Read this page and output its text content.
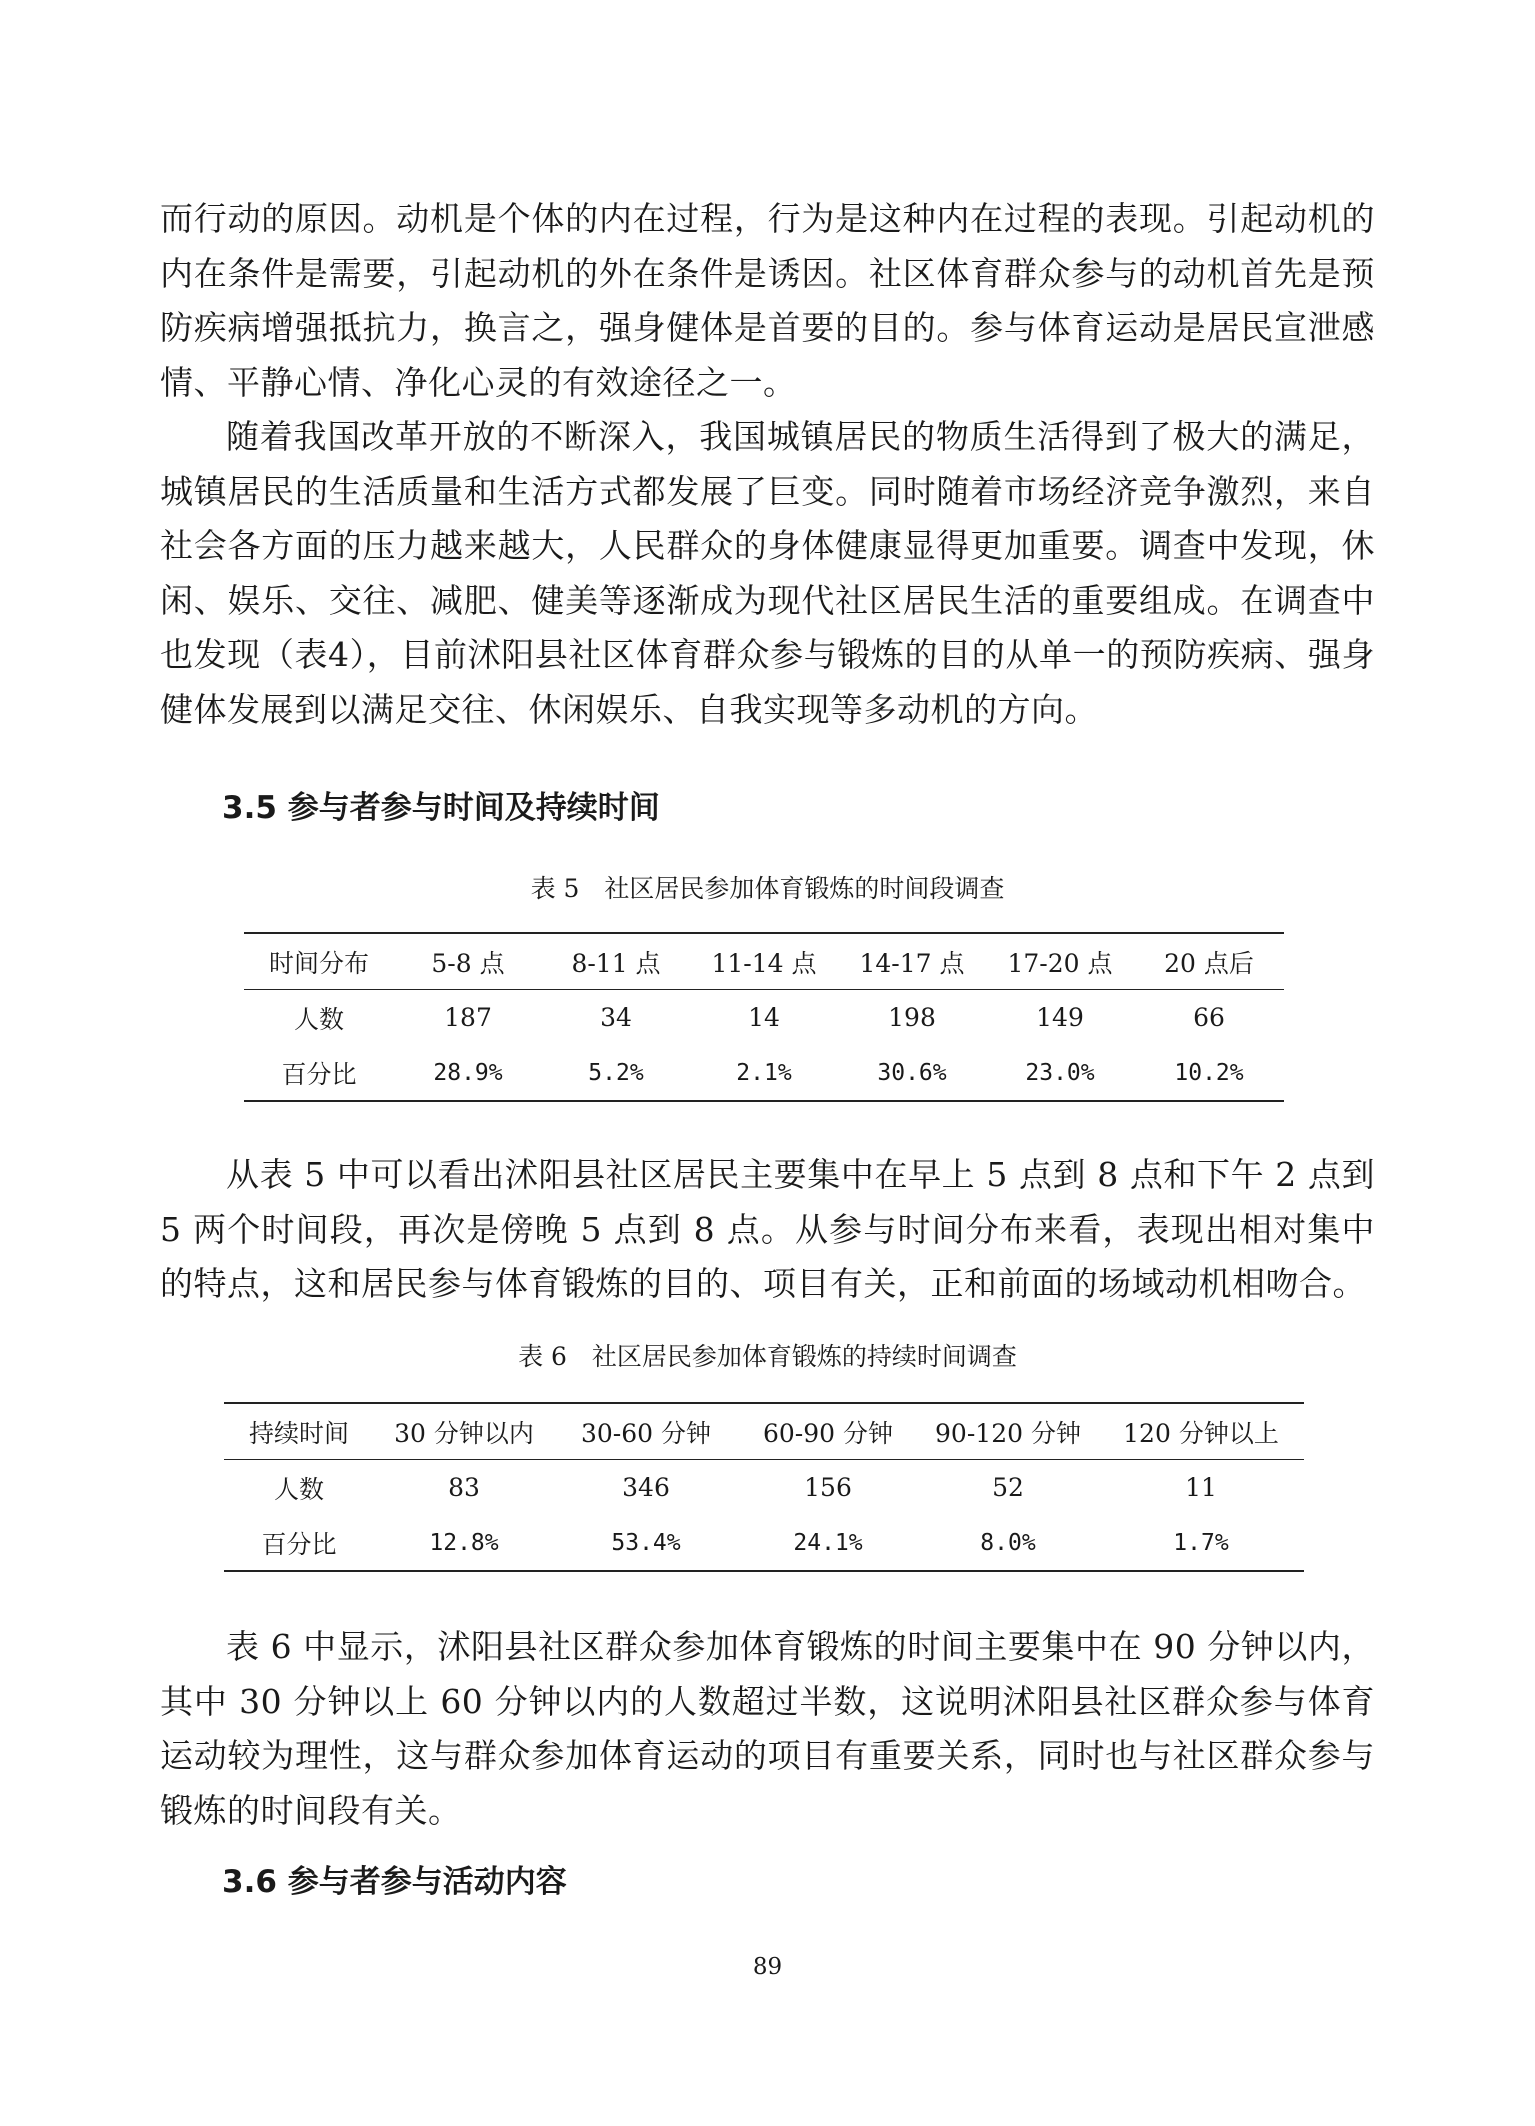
而行动的原因。动机是个体的内在过程，行为是这种内在过程的表现。引起动机的内在条件是需要，引起动机的外在条件是诱因。社区体育群众参与的动机首先是预防疾病增强抵抗力，换言之，强身健体是首要的目的。参与体育运动是居民宣泄感情、平静心情、净化心灵的有效途径之一。

随着我国改革开放的不断深入，我国城镇居民的物质生活得到了极大的满足，城镇居民的生活质量和生活方式都发展了巨变。同时随着市场经济竞争激烈，来自社会各方面的压力越来越大，人民群众的身体健康显得更加重要。调查中发现，休闲、娱乐、交往、减肥、健美等逐渐成为现代社区居民生活的重要组成。在调查中也发现（表4），目前沭阳县社区体育群众参与锻炼的目的从单一的预防疾病、强身健体发展到以满足交往、休闲娱乐、自我实现等多动机的方向。

3.5 参与者参与时间及持续时间

表 5　社区居民参加体育锻炼的时间段调查

时间分布	5-8 点	8-11 点	11-14 点	14-17 点	17-20 点	20 点后
人数	187	34	14	198	149	66
百分比	28.9%	5.2%	2.1%	30.6%	23.0%	10.2%

从表 5 中可以看出沭阳县社区居民主要集中在早上 5 点到 8 点和下午 2 点到 5 两个时间段，再次是傍晚 5 点到 8 点。从参与时间分布来看，表现出相对集中的特点，这和居民参与体育锻炼的目的、项目有关，正和前面的场域动机相吻合。

表 6　社区居民参加体育锻炼的持续时间调查

持续时间	30 分钟以内	30-60 分钟	60-90 分钟	90-120 分钟	120 分钟以上
人数	83	346	156	52	11
百分比	12.8%	53.4%	24.1%	8.0%	1.7%

表 6 中显示，沭阳县社区群众参加体育锻炼的时间主要集中在 90 分钟以内，其中 30 分钟以上 60 分钟以内的人数超过半数，这说明沭阳县社区群众参与体育运动较为理性，这与群众参加体育运动的项目有重要关系，同时也与社区群众参与锻炼的时间段有关。

3.6 参与者参与活动内容

89
